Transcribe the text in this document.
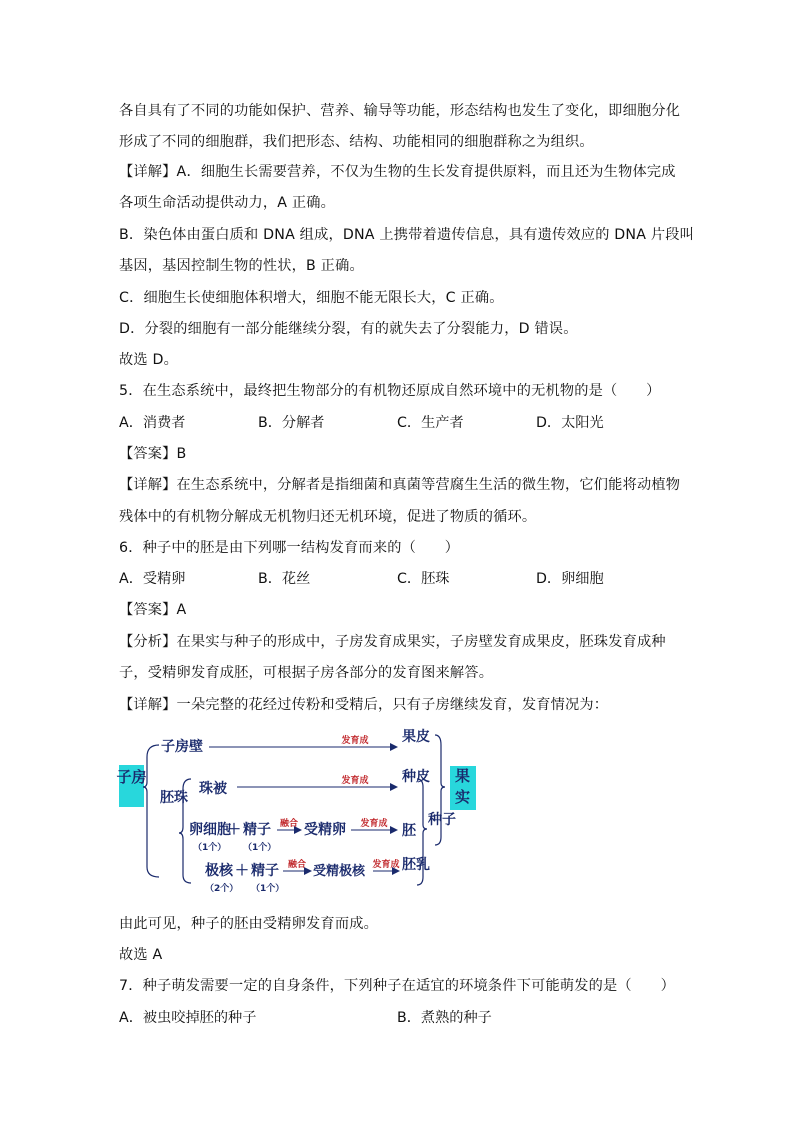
各自具有了不同的功能如保护、营养、输导等功能，形态结构也发生了变化，即细胞分化
形成了不同的细胞群，我们把形态、结构、功能相同的细胞群称之为组织。
【详解】A．细胞生长需要营养，不仅为生物的生长发育提供原料，而且还为生物体完成
各项生命活动提供动力，A 正确。
B．染色体由蛋白质和 DNA 组成，DNA 上携带着遗传信息，具有遗传效应的 DNA 片段叫
基因，基因控制生物的性状，B 正确。
C．细胞生长使细胞体积增大，细胞不能无限长大，C 正确。
D．分裂的细胞有一部分能继续分裂，有的就失去了分裂能力，D 错误。
故选 D。
5．在生态系统中，最终把生物部分的有机物还原成自然环境中的无机物的是（　　）
A．消费者	B．分解者	C．生产者	D．太阳光
【答案】B
【详解】在生态系统中，分解者是指细菌和真菌等营腐生生活的微生物，它们能将动植物
残体中的有机物分解成无机物归还无机环境，促进了物质的循环。
6．种子中的胚是由下列哪一结构发育而来的（　　）
A．受精卵	B．花丝	C．胚珠	D．卵细胞
【答案】A
【分析】在果实与种子的形成中，子房发育成果实，子房壁发育成果皮，胚珠发育成种
子，受精卵发育成胚，可根据子房各部分的发育图来解答。
【详解】一朵完整的花经过传粉和受精后，只有子房继续发育，发育情况为：
子房
子房壁	发育成 果皮
胚珠
珠被	发育成
卵细胞
＋ 精子
（1个） （1个）
融合 受精卵 发育成
极核 ＋ 精子
（2个） （1个）
融合 受精极核 发育成
种皮
胚
胚乳
种子
果实
由此可见，种子的胚由受精卵发育而成。
故选 A
7．种子萌发需要一定的自身条件，下列种子在适宜的环境条件下可能萌发的是（　　）
A．被虫咬掉胚的种子	B．煮熟的种子
